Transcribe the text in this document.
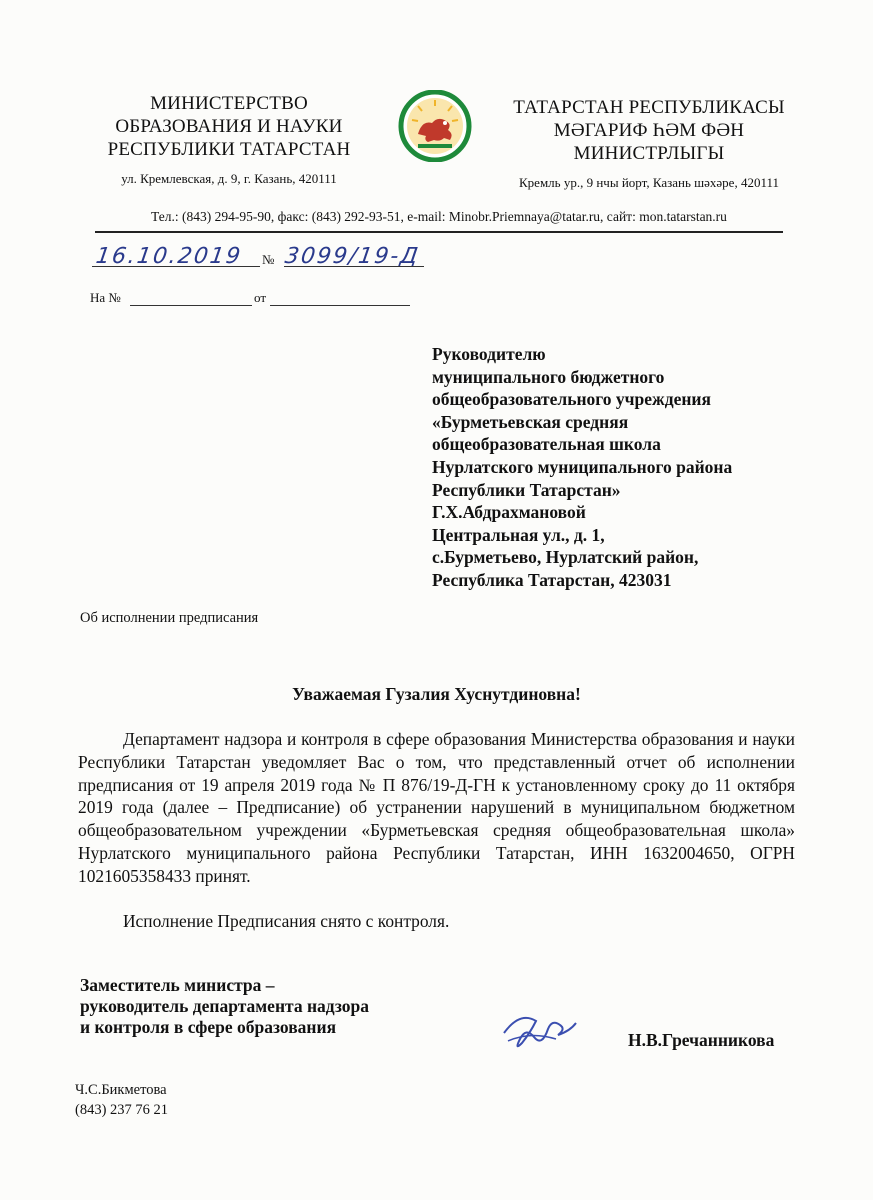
МИНИСТЕРСТВО
ОБРАЗОВАНИЯ И НАУКИ
РЕСПУБЛИКИ ТАТАРСТАН
ул. Кремлевская, д. 9, г. Казань, 420111
ТАТАРСТАН РЕСПУБЛИКАСЫ
МӘГАРИФ ҺӘМ ФӘН
МИНИСТРЛЫГЫ
Кремль ур., 9 нчы йорт, Казань шәхәре, 420111
Тел.: (843) 294-95-90, факс: (843) 292-93-51, e-mail: Minobr.Priemnaya@tatar.ru, сайт: mon.tatarstan.ru
16.10.2019 № 3099/19-Д
На №	от
Руководителю
муниципального бюджетного
общеобразовательного учреждения
«Бурметьевская средняя
общеобразовательная школа
Нурлатского муниципального района
Республики Татарстан»
Г.Х.Абдрахмановой
Центральная ул., д. 1,
с.Бурметьево, Нурлатский район,
Республика Татарстан, 423031
Об исполнении предписания
Уважаемая Гузалия Хуснутдиновна!
Департамент надзора и контроля в сфере образования Министерства образования и науки Республики Татарстан уведомляет Вас о том, что представленный отчет об исполнении предписания от 19 апреля 2019 года № П 876/19-Д-ГН к установленному сроку до 11 октября 2019 года (далее – Предписание) об устранении нарушений в муниципальном бюджетном общеобразовательном учреждении «Бурметьевская средняя общеобразовательная школа» Нурлатского муниципального района Республики Татарстан, ИНН 1632004650, ОГРН 1021605358433 принят.
Исполнение Предписания снято с контроля.
Заместитель министра –
руководитель департамента надзора
и контроля в сфере образования
Н.В.Гречанникова
Ч.С.Бикметова
(843) 237 76 21
